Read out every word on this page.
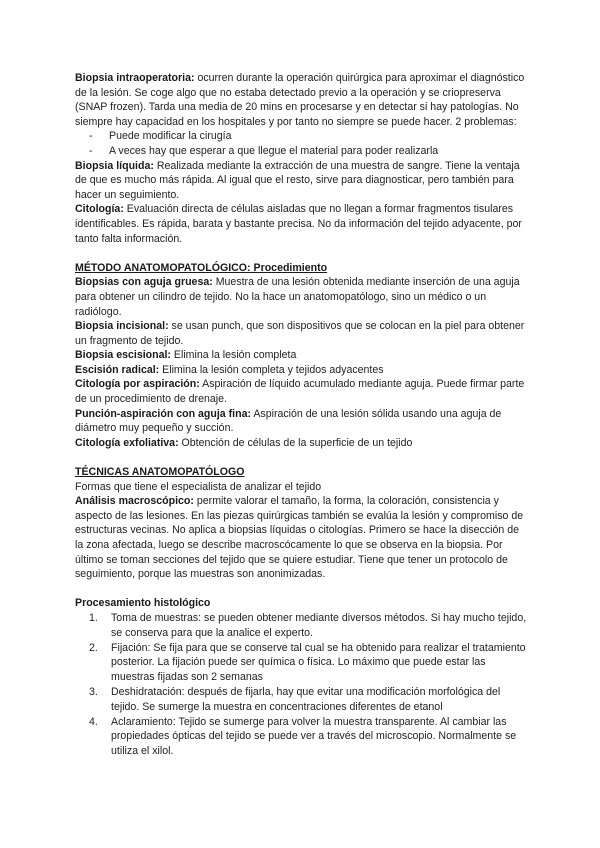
Biopsia intraoperatoria: ocurren durante la operación quirúrgica para aproximar el diagnóstico de la lesión. Se coge algo que no estaba detectado previo a la operación y se criopreserva (SNAP frozen). Tarda una media de 20 mins en procesarse y en detectar si hay patologías. No siempre hay capacidad en los hospitales y por tanto no siempre se puede hacer. 2 problemas:

- Puede modificar la cirugía
- A veces hay que esperar a que llegue el material para poder realizarla

Biopsia líquida: Realizada mediante la extracción de una muestra de sangre. Tiene la ventaja de que es mucho más rápida. Al igual que el resto, sirve para diagnosticar, pero también para hacer un seguimiento.

Citología: Evaluación directa de células aisladas que no llegan a formar fragmentos tisulares identificables. Es rápida, barata y bastante precisa. No da información del tejido adyacente, por tanto falta información.

MÉTODO ANATOMOPATOLÓGICO: Procedimiento

Biopsias con aguja gruesa: Muestra de una lesión obtenida mediante inserción de una aguja para obtener un cilindro de tejido. No la hace un anatomopatólogo, sino un médico o un radiólogo.

Biopsia incisional: se usan punch, que son dispositivos que se colocan en la piel para obtener un fragmento de tejido.

Biopsia escisional: Elimina la lesión completa

Escisión radical: Elimina la lesión completa y tejidos adyacentes

Citología por aspiración: Aspiración de líquido acumulado mediante aguja. Puede firmar parte de un procedimiento de drenaje.

Punción-aspiración con aguja fina: Aspiración de una lesión sólida usando una aguja de diámetro muy pequeño y succión.

Citología exfoliativa: Obtención de células de la superficie de un tejido

TÉCNICAS ANATOMOPATÓLOGO

Formas que tiene el especialista de analizar el tejido

Análisis macroscópico: permite valorar el tamaño, la forma, la coloración, consistencia y aspecto de las lesiones. En las piezas quirúrgicas también se evalúa la lesión y compromiso de estructuras vecinas. No aplica a biopsias líquidas o citologías. Primero se hace la disección de la zona afectada, luego se describe macroscócamente lo que se observa en la biopsia. Por último se toman secciones del tejido que se quiere estudiar. Tiene que tener un protocolo de seguimiento, porque las muestras son anonimizadas.

Procesamiento histológico

1. Toma de muestras: se pueden obtener mediante diversos métodos. Si hay mucho tejido, se conserva para que la analice el experto.
2. Fijación: Se fija para que se conserve tal cual se ha obtenido para realizar el tratamiento posterior. La fijación puede ser química o física. Lo máximo que puede estar las muestras fijadas son 2 semanas
3. Deshidratación: después de fijarla, hay que evitar una modificación morfológica del tejido. Se sumerge la muestra en concentraciones diferentes de etanol
4. Aclaramiento: Tejido se sumerge para volver la muestra transparente. Al cambiar las propiedades ópticas del tejido se puede ver a través del microscopio. Normalmente se utiliza el xilol.
